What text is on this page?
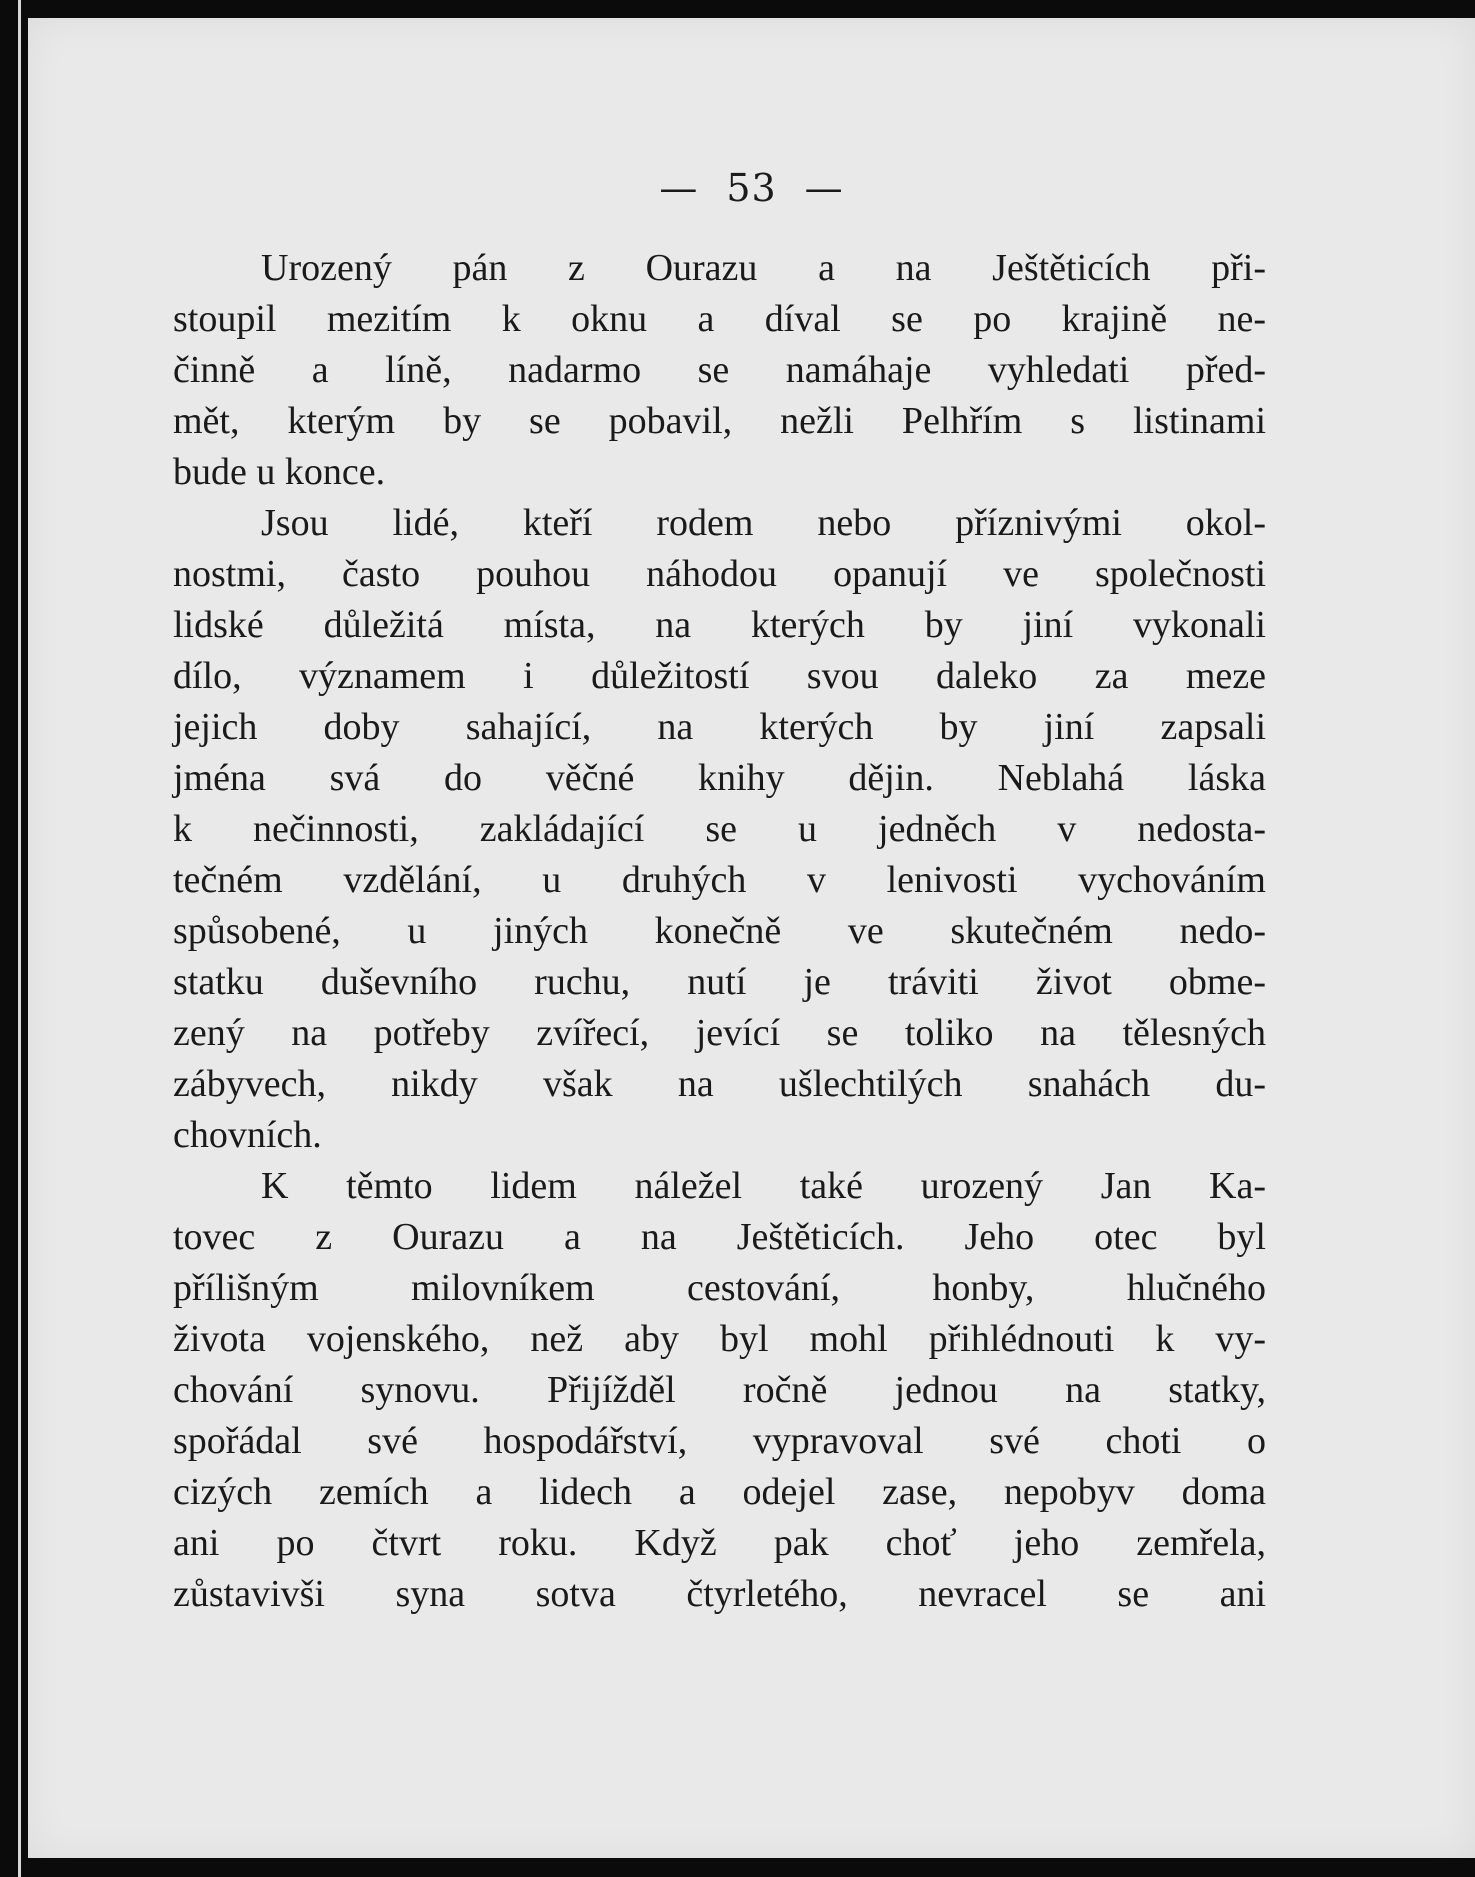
— 53 —
Urozený pán z Ourazu a na Ještěticích při-
stoupil mezitím k oknu a díval se po krajině ne-
činně a líně, nadarmo se namáhaje vyhledati před-
mět, kterým by se pobavil, nežli Pelhřím s listinami
bude u konce.
Jsou lidé, kteří rodem nebo příznivými okol-
nostmi, často pouhou náhodou opanují ve společnosti
lidské důležitá místa, na kterých by jiní vykonali
dílo, významem i důležitostí svou daleko za meze
jejich doby sahající, na kterých by jiní zapsali
jména svá do věčné knihy dějin. Neblahá láska
k nečinnosti, zakládající se u jedněch v nedosta-
tečném vzdělání, u druhých v lenivosti vychováním
spůsobené, u jiných konečně ve skutečném nedo-
statku duševního ruchu, nutí je tráviti život obme-
zený na potřeby zvířecí, jevící se toliko na tělesných
zábyvech, nikdy však na ušlechtilých snahách du-
chovních.
K těmto lidem náležel také urozený Jan Ka-
tovec z Ourazu a na Ještěticích. Jeho otec byl
přílišným milovníkem cestování, honby, hlučného
života vojenského, než aby byl mohl přihlédnouti k vy-
chování synovu. Přijížděl ročně jednou na statky,
spořádal své hospodářství, vypravoval své choti o
cizých zemích a lidech a odejel zase, nepobyv doma
ani po čtvrt roku. Když pak choť jeho zemřela,
zůstavivši syna sotva čtyrletého, nevracel se ani
